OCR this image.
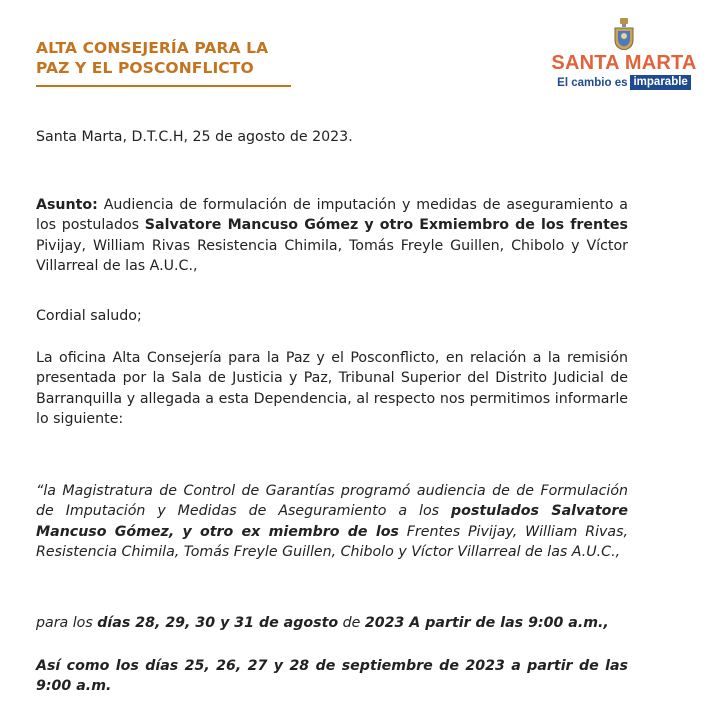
ALTA CONSEJERÍA PARA LA
PAZ Y EL POSCONFLICTO	SANTA MARTA
El cambio es imparable

Santa Marta, D.T.C.H, 25 de agosto de 2023.

Asunto: Audiencia de formulación de imputación y medidas de aseguramiento a los postulados Salvatore Mancuso Gómez y otro Exmiembro de los frentes Pivijay, William Rivas Resistencia Chimila, Tomás Freyle Guillen, Chibolo y Víctor Villarreal de las A.U.C.,

Cordial saludo;

La oficina Alta Consejería para la Paz y el Posconflicto, en relación a la remisión presentada por la Sala de Justicia y Paz, Tribunal Superior del Distrito Judicial de Barranquilla y allegada a esta Dependencia, al respecto nos permitimos informarle lo siguiente:

“la Magistratura de Control de Garantías programó audiencia de de Formulación de Imputación y Medidas de Aseguramiento a los postulados Salvatore Mancuso Gómez, y otro ex miembro de los Frentes Pivijay, William Rivas, Resistencia Chimila, Tomás Freyle Guillen, Chibolo y Víctor Villarreal de las A.U.C.,

para los días 28, 29, 30 y 31 de agosto de 2023 A partir de las 9:00 a.m.,

Así como los días 25, 26, 27 y 28 de septiembre de 2023 a partir de las 9:00 a.m.
